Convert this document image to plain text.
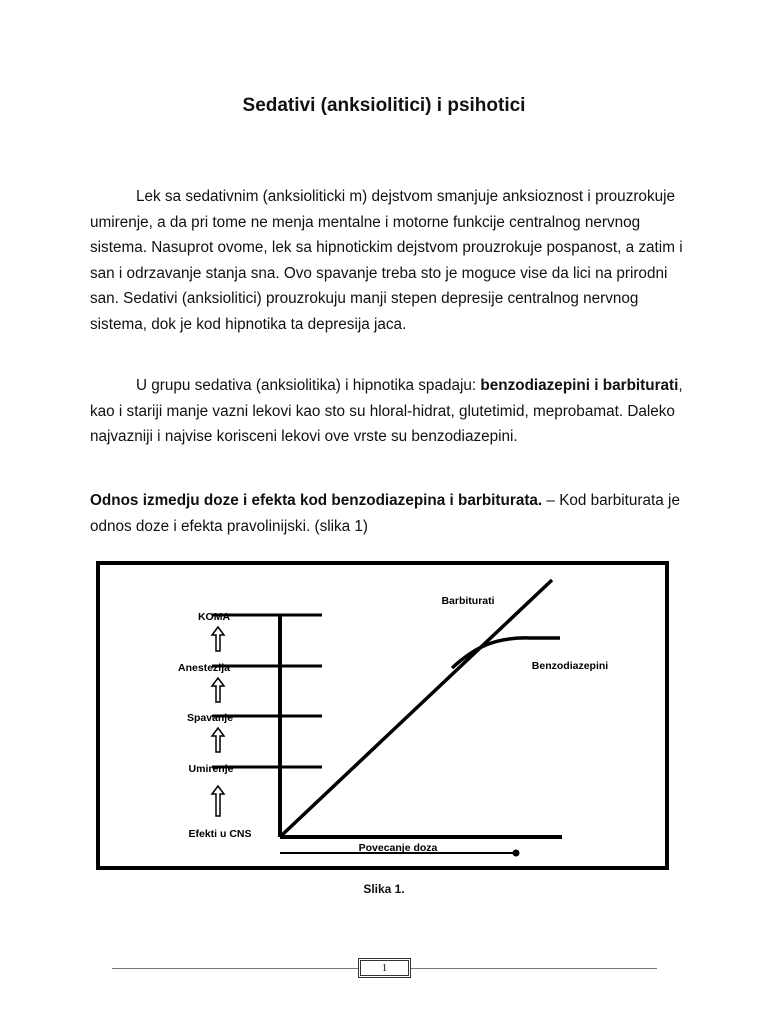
Sedativi (anksiolitici) i psihotici

Lek sa sedativnim (anksioliticki m) dejstvom smanjuje anksioznost i prouzrokuje umirenje, a da pri tome ne menja mentalne i motorne funkcije centralnog nervnog sistema. Nasuprot ovome, lek sa hipnotickim dejstvom prouzrokuje pospanost, a zatim i san i odrzavanje stanja sna. Ovo spavanje treba sto je moguce vise da lici na prirodni san. Sedativi (anksiolitici) prouzrokuju manji stepen depresije centralnog nervnog sistema, dok je kod hipnotika ta depresija jaca.

U grupu sedativa (anksiolitika) i hipnotika spadaju: benzodiazepini i barbiturati, kao i stariji manje vazni lekovi kao sto su hloral-hidrat, glutetimid, meprobamat. Daleko najvazniji i najvise korisceni lekovi ove vrste su benzodiazepini.

Odnos izmedju doze i efekta kod benzodiazepina i barbiturata. – Kod barbiturata je odnos doze i efekta pravolinijski. (slika 1)

KOMA
Anestezija
Spavanje
Umirenje
Efekti u CNS
Barbiturati
Benzodiazepini
Povecanje doza
Slika 1.
1
